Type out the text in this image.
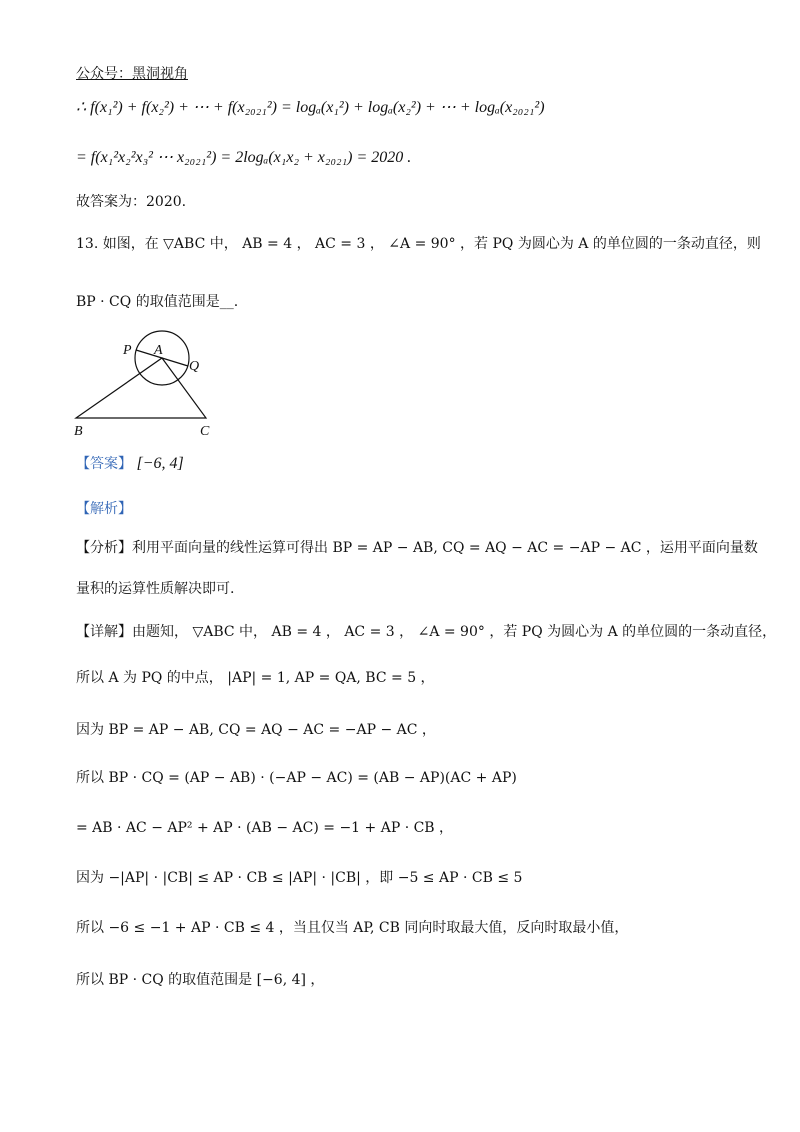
公众号：黑洞视角
∴ f(x₁²) + f(x₂²) + ⋯ + f(x₂₀₂₁²) = logₐ(x₁²) + logₐ(x₂²) + ⋯ + logₐ(x₂₀₂₁²)
= f(x₁²x₂²x₃² ⋯ x₂₀₂₁²) = 2logₐ(x₁x₂ + x₂₀₂₁) = 2020 .
故答案为：2020.
13. 如图，在 ▽ABC 中， AB = 4 ， AC = 3 ， ∠A = 90° ，若 PQ 为圆心为 A 的单位圆的一条动直径，则
BP · CQ 的取值范围是__.
P A
Q
B	C
【答案】 [−6, 4]
【解析】
【分析】利用平面向量的线性运算可得出 BP = AP − AB, CQ = AQ − AC = −AP − AC ，运用平面向量数
量积的运算性质解决即可.
【详解】由题知， ▽ABC 中， AB = 4 ， AC = 3 ， ∠A = 90° ，若 PQ 为圆心为 A 的单位圆的一条动直径，
所以 A 为 PQ 的中点， |AP| = 1, AP = QA, BC = 5 ，
因为 BP = AP − AB, CQ = AQ − AC = −AP − AC ，
所以 BP · CQ = (AP − AB) · (−AP − AC) = (AB − AP)(AC + AP)
= AB · AC − AP² + AP · (AB − AC) = −1 + AP · CB ，
因为 −|AP| · |CB| ≤ AP · CB ≤ |AP| · |CB| ，即 −5 ≤ AP · CB ≤ 5
所以 −6 ≤ −1 + AP · CB ≤ 4 ，当且仅当 AP, CB 同向时取最大值，反向时取最小值，
所以 BP · CQ 的取值范围是 [−6, 4] ，
